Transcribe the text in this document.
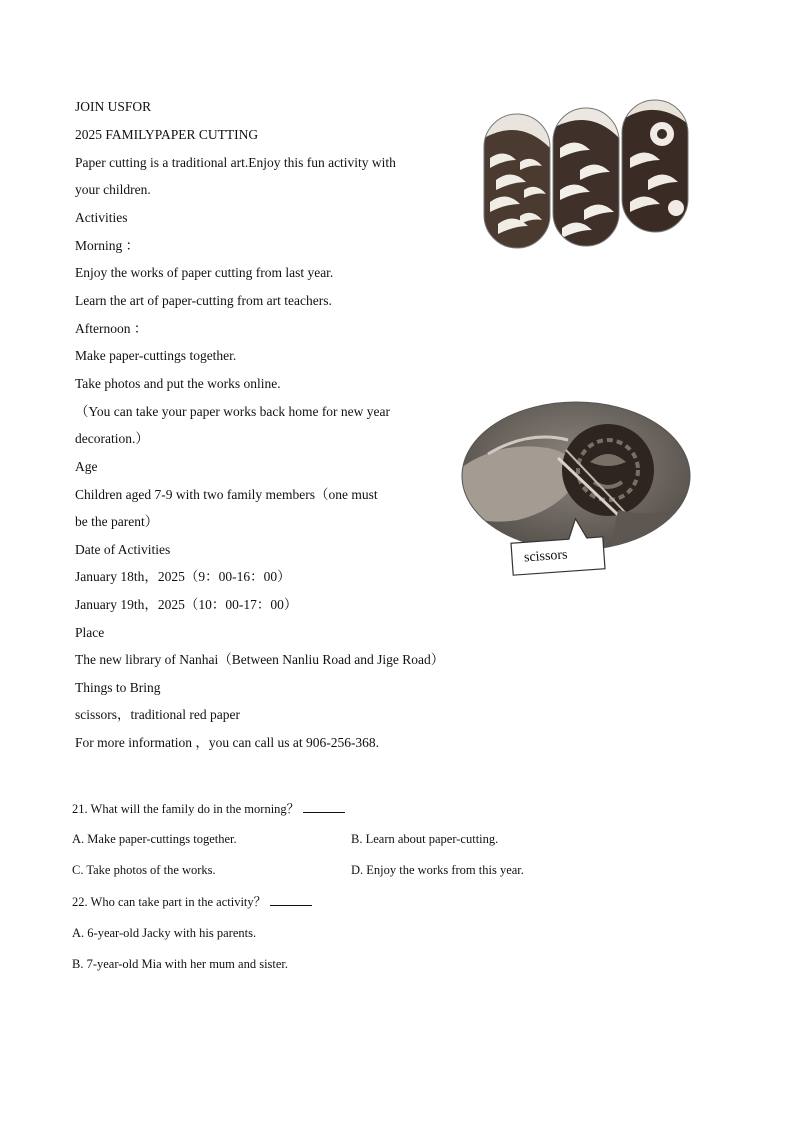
JOIN USFOR
2025 FAMILYPAPER CUTTING
Paper cutting is a traditional art.Enjoy this fun activity with
your children.
Activities
Morning ：
Enjoy the works of paper cutting from last year.
Learn the art of paper-cutting from art teachers.
Afternoon ：
Make paper-cuttings together.
Take photos and put the works online.
（You can take your paper works back home for new year
decoration.）
Age
Children aged 7-9 with two family members（one must
be the parent）
Date of Activities
January 18th，2025（9：00-16：00）
January 19th，2025（10：00-17：00）
Place
The new library of Nanhai（Between Nanliu Road and Jige Road）
Things to Bring
scissors，traditional red paper
For more information ，you can call us at 906-256-368.
scissors
21. What will the family do in the morning？
A. Make paper-cuttings together.	B. Learn about paper-cutting.
C. Take photos of the works.	D. Enjoy the works from this year.
22. Who can take part in the activity？
A. 6-year-old Jacky with his parents.
B. 7-year-old Mia with her mum and sister.
